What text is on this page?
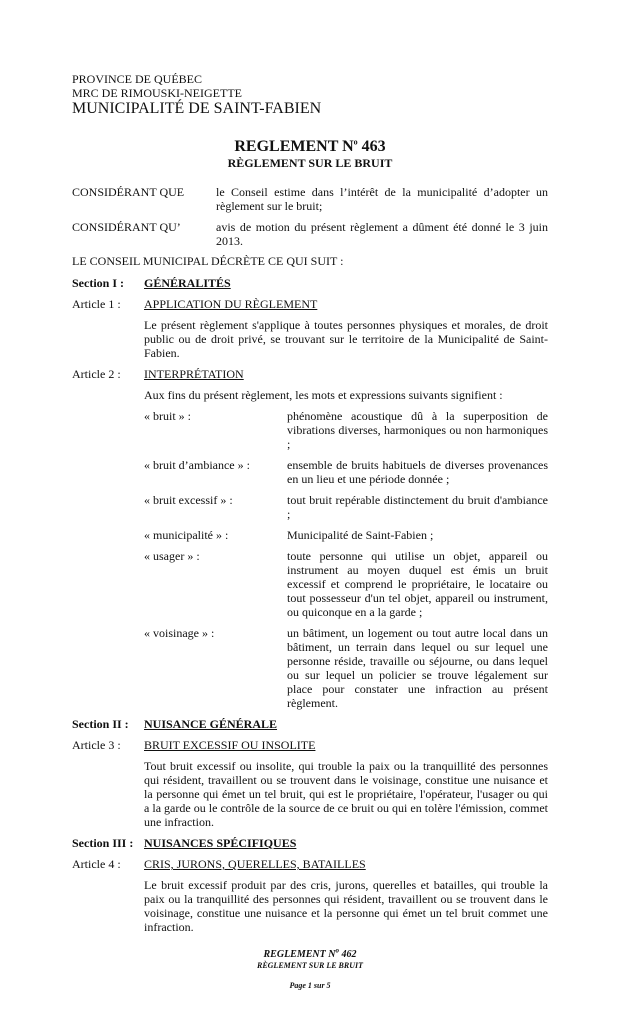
PROVINCE DE QUÉBEC
MRC DE RIMOUSKI-NEIGETTE
MUNICIPALITÉ DE SAINT-FABIEN
REGLEMENT $N^o$ 463
RÈGLEMENT SUR LE BRUIT
CONSIDÉRANT QUE	le Conseil estime dans l’intérêt de la municipalité d’adopter un règlement sur le bruit;
CONSIDÉRANT QU’	avis de motion du présent règlement a dûment été donné le 3 juin 2013.
LE CONSEIL MUNICIPAL DÉCRÈTE CE QUI SUIT :
Section I : GÉNÉRALITÉS
Article 1 : APPLICATION DU RÈGLEMENT
Le présent règlement s'applique à toutes personnes physiques et morales, de droit public ou de droit privé, se trouvant sur le territoire de la Municipalité de Saint-Fabien.
Article 2 : INTERPRÉTATION
Aux fins du présent règlement, les mots et expressions suivants signifient :
« bruit » :	phénomène acoustique dû à la superposition de vibrations diverses, harmoniques ou non harmoniques ;
« bruit d’ambiance » :	ensemble de bruits habituels de diverses provenances en un lieu et une période donnée ;
« bruit excessif » :	tout bruit repérable distinctement du bruit d'ambiance ;
« municipalité » :	Municipalité de Saint-Fabien ;
« usager » :	toute personne qui utilise un objet, appareil ou instrument au moyen duquel est émis un bruit excessif et comprend le propriétaire, le locataire ou tout possesseur d'un tel objet, appareil ou instrument, ou quiconque en a la garde ;
« voisinage » :	un bâtiment, un logement ou tout autre local dans un bâtiment, un terrain dans lequel ou sur lequel une personne réside, travaille ou séjourne, ou dans lequel ou sur lequel un policier se trouve légalement sur place pour constater une infraction au présent règlement.
Section II : NUISANCE GÉNÉRALE
Article 3 : BRUIT EXCESSIF OU INSOLITE
Tout bruit excessif ou insolite, qui trouble la paix ou la tranquillité des personnes qui résident, travaillent ou se trouvent dans le voisinage, constitue une nuisance et la personne qui émet un tel bruit, qui est le propriétaire, l'opérateur, l'usager ou qui a la garde ou le contrôle de la source de ce bruit ou qui en tolère l'émission, commet une infraction.
Section III : NUISANCES SPÉCIFIQUES
Article 4 : CRIS, JURONS, QUERELLES, BATAILLES
Le bruit excessif produit par des cris, jurons, querelles et batailles, qui trouble la paix ou la tranquillité des personnes qui résident, travaillent ou se trouvent dans le voisinage, constitue une nuisance et la personne qui émet un tel bruit commet une infraction.
REGLEMENT $N^o$ 462
RÈGLEMENT SUR LE BRUIT
Page 1 sur 5
